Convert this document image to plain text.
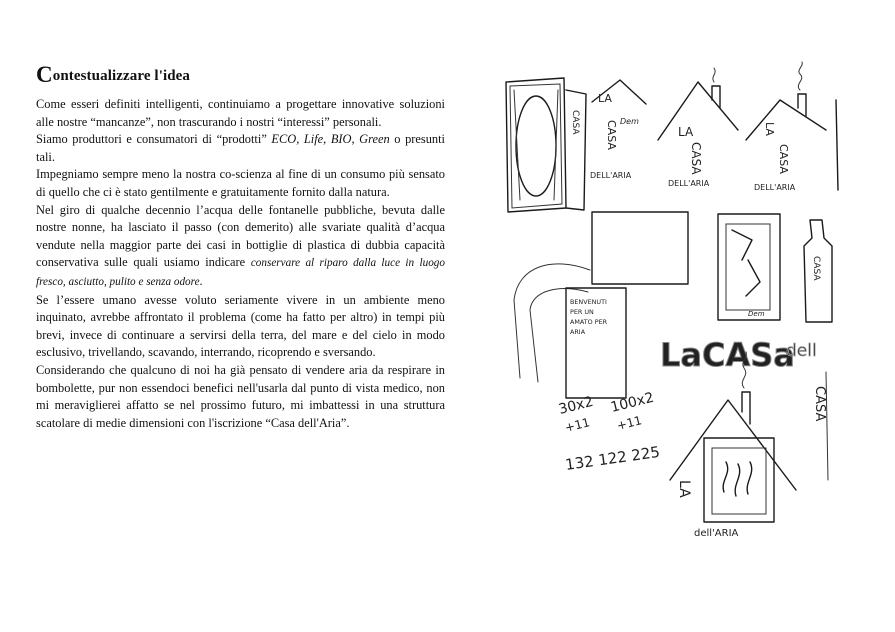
Contestualizzare l'idea

Come esseri definiti intelligenti, continuiamo a progettare innovative soluzioni alle nostre “mancanze”, non trascurando i nostri “interessi” personali.

Siamo produttori e consumatori di “prodotti” ECO, Life, BIO, Green o presunti tali.

Impegniamo sempre meno la nostra co-scienza al fine di un consumo più sensato di quello che ci è stato gentilmente e gratuitamente fornito dalla natura.

Nel giro di qualche decennio l’acqua delle fontanelle pubbliche, bevuta dalle nostre nonne, ha lasciato il passo (con demerito) alle svariate qualità d’acqua vendute nella maggior parte dei casi in bottiglie di plastica di dubbia capacità conservativa sulle quali usiamo indicare conservare al riparo dalla luce in luogo fresco, asciutto, pulito e senza odore.

Se l’essere umano avesse voluto seriamente vivere in un ambiente meno inquinato, avrebbe affrontato il problema (come ha fatto per altro) in tempi più brevi, invece di continuare a servirsi della terra, del mare e del cielo in modo esclusivo, trivellando, scavando, interrando, ricoprendo e sversando.

Considerando che qualcuno di noi ha già pensato di vendere aria da respirare in bombolette, pur non essendoci benefici nell'usarla dal punto di vista medico, non mi meraviglierei affatto se nel prossimo futuro, mi imbattessi in una struttura scatolare di medie dimensioni con l'iscrizione “Casa dell'Aria”.

CASA
LA
CASA Dem
DELL'ARIA
LA
CASA
DELL'ARIA
LA
CASA
DELL'ARIA
Dem
CASA
BENVENUTI
PER UN
AMATO PER
ARIA
LaCASa
dell
30x2
+11
100x2
+11
132 122 225
LA
CASA
dell'ARIA
